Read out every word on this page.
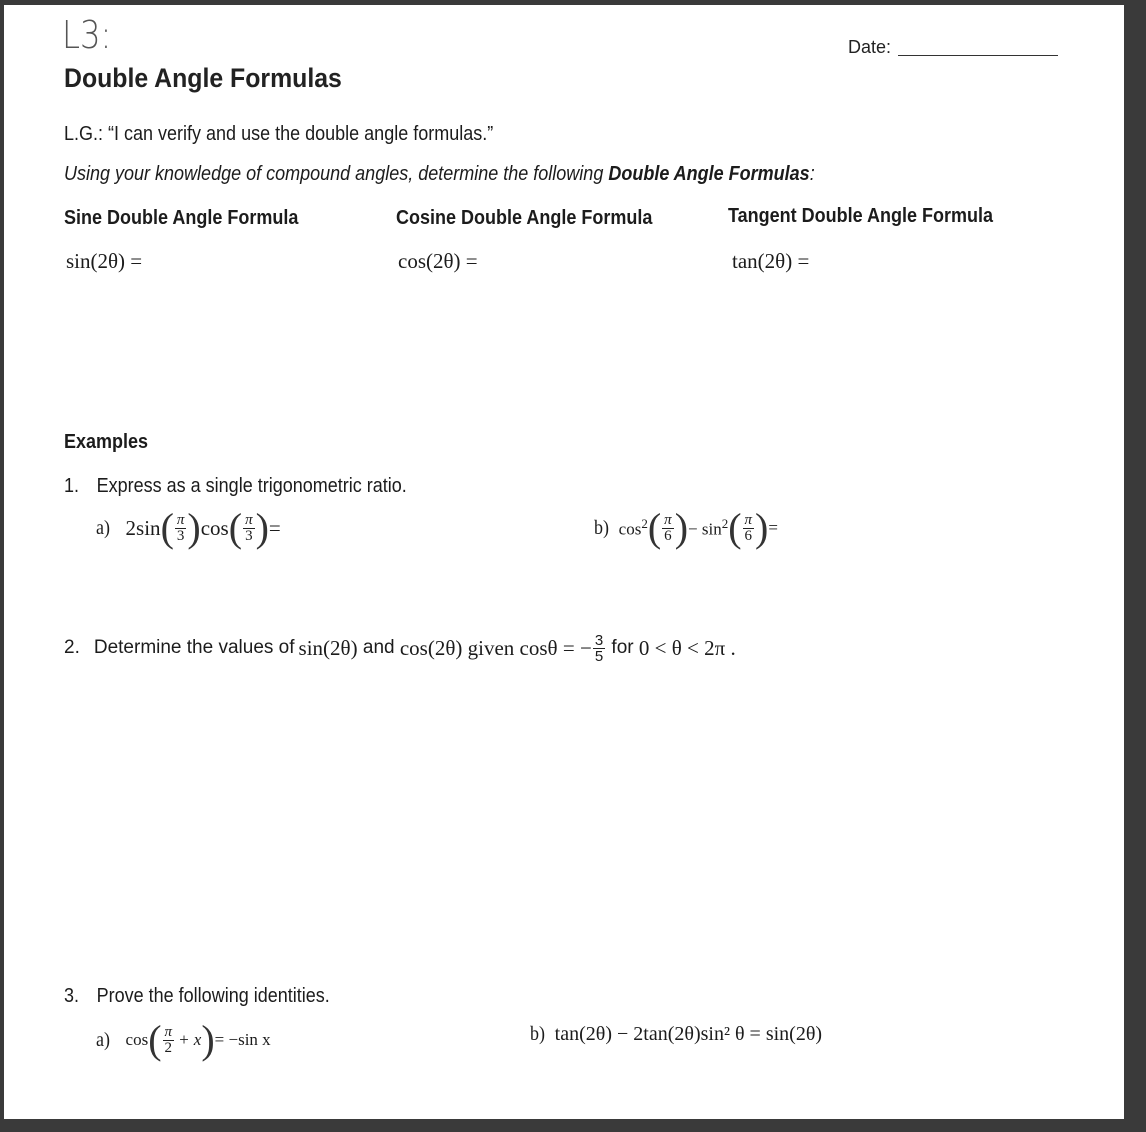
L3:	Date:
Double Angle Formulas
L.G.: “I can verify and use the double angle formulas.”
Using your knowledge of compound angles, determine the following Double Angle Formulas:
Sine Double Angle Formula	Cosine Double Angle Formula	Tangent Double Angle Formula
sin(2θ) =	cos(2θ) =	tan(2θ) =
Examples
1. Express as a single trigonometric ratio.
a) 2sin ( $\frac{\pi}{3}$ ) cos ( $\frac{\pi}{3}$ ) =	b) $\cos^2$ ( $\frac{\pi}{6}$ ) − $\sin^2$ ( $\frac{\pi}{6}$ ) =
2. Determine the values of sin(2θ) and cos(2θ) given cosθ = − $\frac{3}{5}$ for 0 < θ < 2π .
3. Prove the following identities.
a) cos ( $\frac{\pi}{2} + x$ ) = −sin x	b) tan(2θ) − 2tan(2θ)sin² θ = sin(2θ)
